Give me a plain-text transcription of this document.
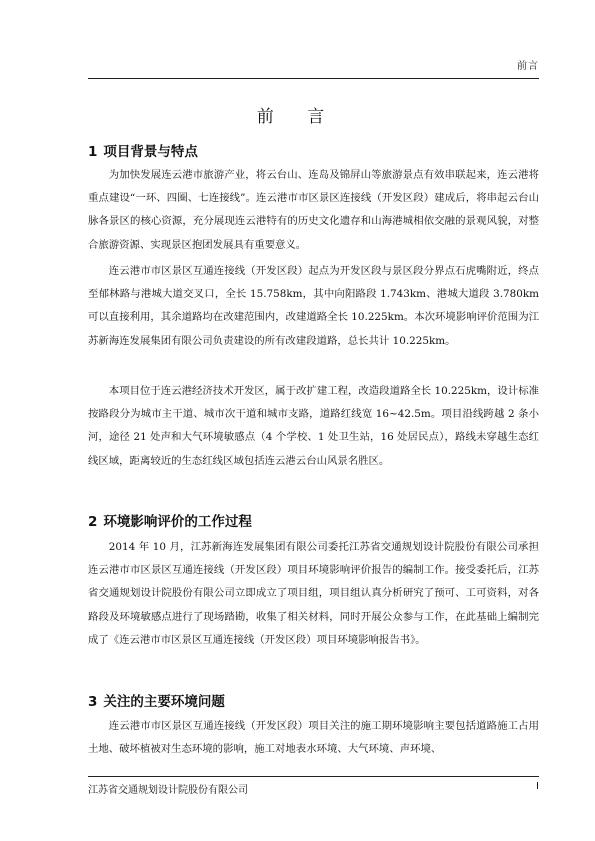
前言
前 言
1 项目背景与特点

为加快发展连云港市旅游产业，将云台山、连岛及锦屏山等旅游景点有效串联起来，连云港将重点建设“一环、四圈、七连接线”。连云港市市区景区连接线（开发区段）建成后，将串起云台山脉各景区的核心资源，充分展现连云港特有的历史文化遗存和山海港城相依交融的景观风貌，对整合旅游资源、实现景区抱团发展具有重要意义。

连云港市市区景区互通连接线（开发区段）起点为开发区段与景区段分界点石虎嘴附近，终点至郁林路与港城大道交叉口，全长 15.758km，其中向阳路段 1.743km、港城大道段 3.780km 可以直接利用，其余道路均在改建范围内，改建道路全长 10.225km。本次环境影响评价范围为江苏新海连发展集团有限公司负责建设的所有改建段道路，总长共计 10.225km。

本项目位于连云港经济技术开发区，属于改扩建工程，改造段道路全长 10.225km，设计标准按路段分为城市主干道、城市次干道和城市支路，道路红线宽 16~42.5m。项目沿线跨越 2 条小河，途径 21 处声和大气环境敏感点（4 个学校、1 处卫生站，16 处居民点），路线未穿越生态红线区域，距离较近的生态红线区域包括连云港云台山风景名胜区。

2 环境影响评价的工作过程

2014 年 10 月，江苏新海连发展集团有限公司委托江苏省交通规划设计院股份有限公司承担连云港市市区景区互通连接线（开发区段）项目环境影响评价报告的编制工作。接受委托后，江苏省交通规划设计院股份有限公司立即成立了项目组，项目组认真分析研究了预可、工可资料，对各路段及环境敏感点进行了现场踏勘，收集了相关材料，同时开展公众参与工作，在此基础上编制完成了《连云港市市区景区互通连接线（开发区段）项目环境影响报告书》。

3 关注的主要环境问题

连云港市市区景区互通连接线（开发区段）项目关注的施工期环境影响主要包括道路施工占用土地、破坏植被对生态环境的影响，施工对地表水环境、大气环境、声环境、

江苏省交通规划设计院股份有限公司	I
